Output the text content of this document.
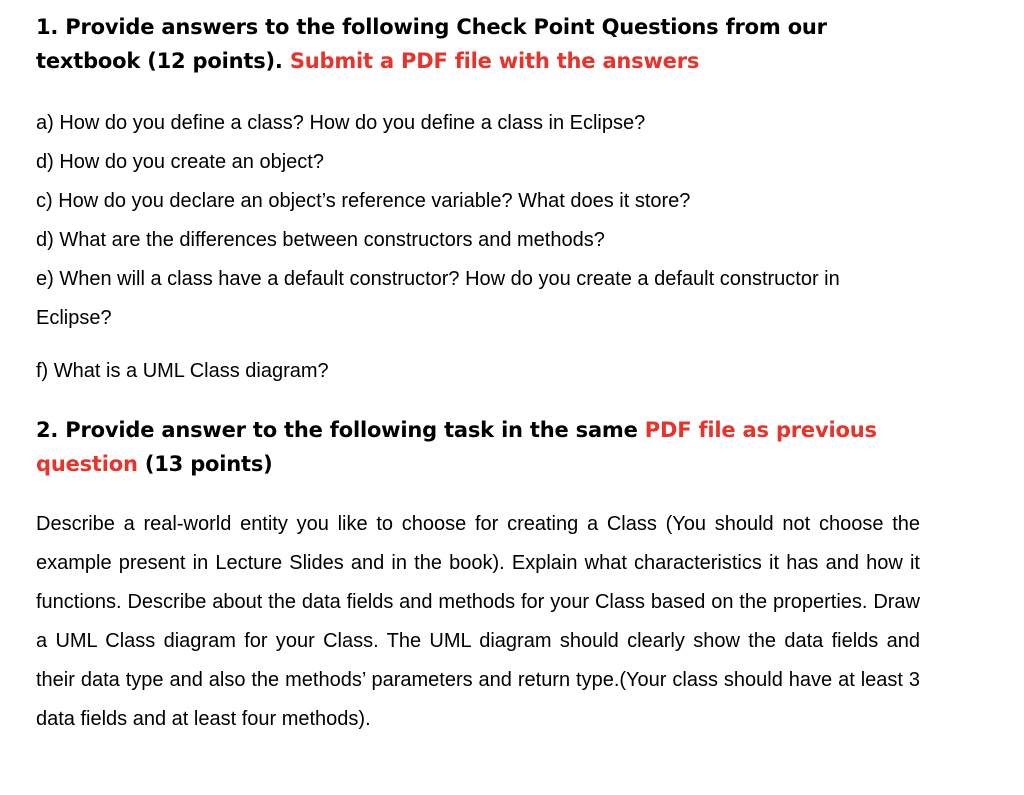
1. Provide answers to the following Check Point Questions from our textbook (12 points). Submit a PDF file with the answers

a) How do you define a class? How do you define a class in Eclipse?

d) How do you create an object?

c) How do you declare an object’s reference variable? What does it store?

d) What are the differences between constructors and methods?

e) When will a class have a default constructor? How do you create a default constructor in Eclipse?

f) What is a UML Class diagram?

2. Provide answer to the following task in the same PDF file as previous question (13 points)

Describe a real-world entity you like to choose for creating a Class (You should not choose the example present in Lecture Slides and in the book). Explain what characteristics it has and how it functions. Describe about the data fields and methods for your Class based on the properties. Draw a UML Class diagram for your Class. The UML diagram should clearly show the data fields and their data type and also the methods’ parameters and return type.(Your class should have at least 3 data fields and at least four methods).
